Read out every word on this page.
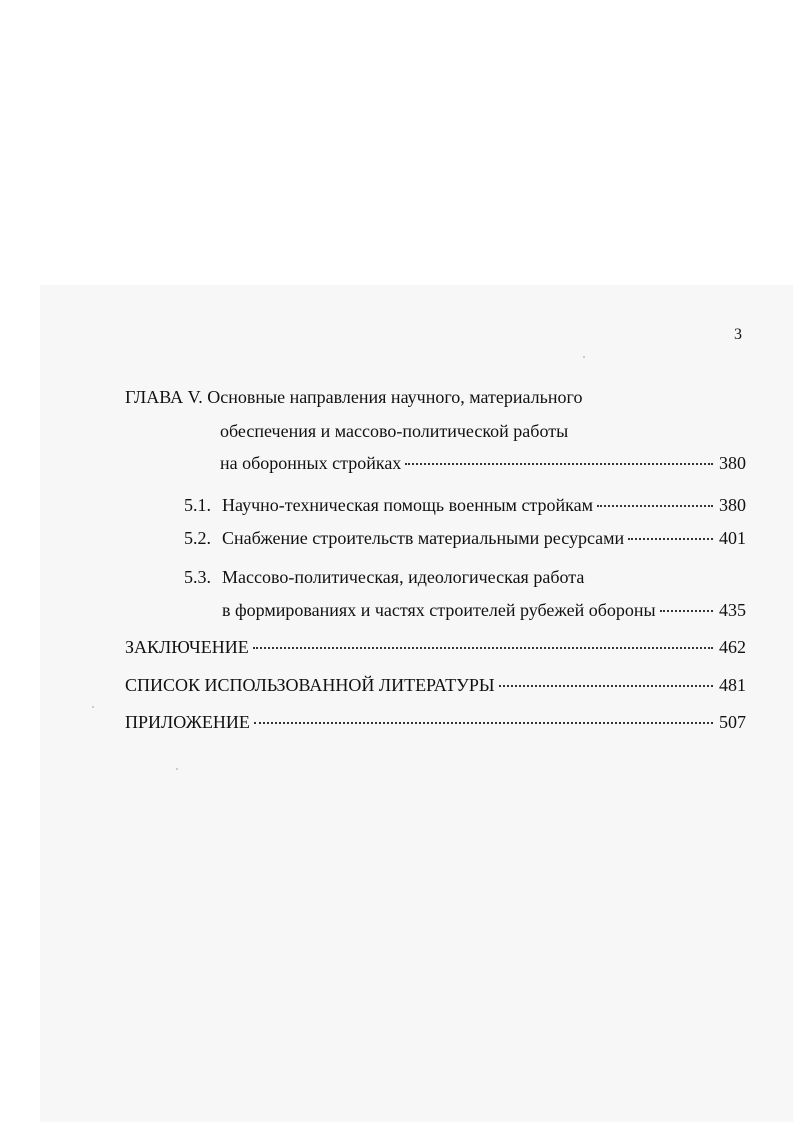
3
ГЛАВА V. Основные направления научного, материального
обеспечения и массово-политической работы
на оборонных стройках	380
5.1. Научно-техническая помощь военным стройкам	380
5.2. Снабжение строительств материальными ресурсами	401
5.3. Массово-политическая, идеологическая работа
в формированиях и частях строителей рубежей обороны	435
ЗАКЛЮЧЕНИЕ	462
СПИСОК ИСПОЛЬЗОВАННОЙ ЛИТЕРАТУРЫ	481
ПРИЛОЖЕНИЕ	507
